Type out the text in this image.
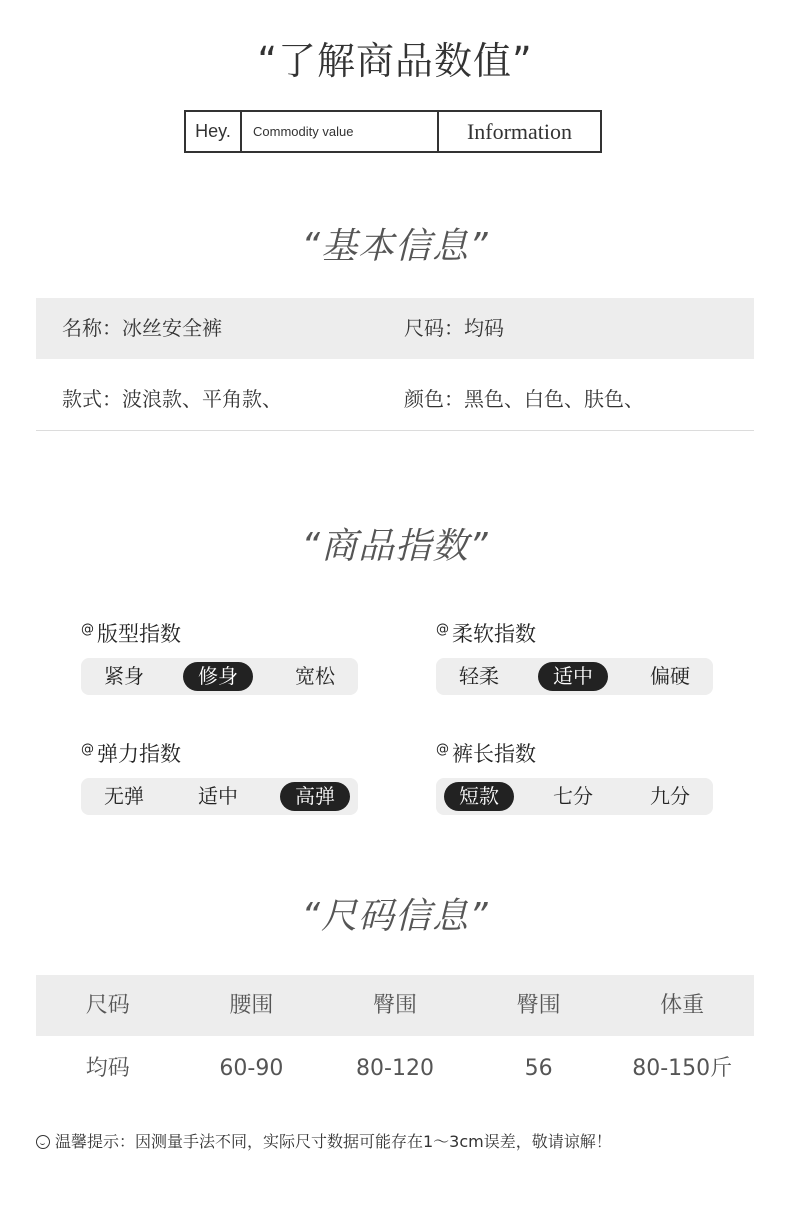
“了解商品数值”
Hey.	Commodity value	Information
“基本信息”
名称：冰丝安全裤	尺码：均码
款式：波浪款、平角款、	颜色：黑色、白色、肤色、
“商品指数”
@ 版型指数
紧身	修身	宽松
@ 柔软指数
轻柔	适中	偏硬
@ 弹力指数
无弹	适中	高弹
@ 裤长指数
短款	七分	九分
“尺码信息”
尺码	腰围	臀围	臀围	体重
均码	60-90	80-120	56	80-150斤
温馨提示：因测量手法不同，实际尺寸数据可能存在1～3cm误差，敬请谅解！
